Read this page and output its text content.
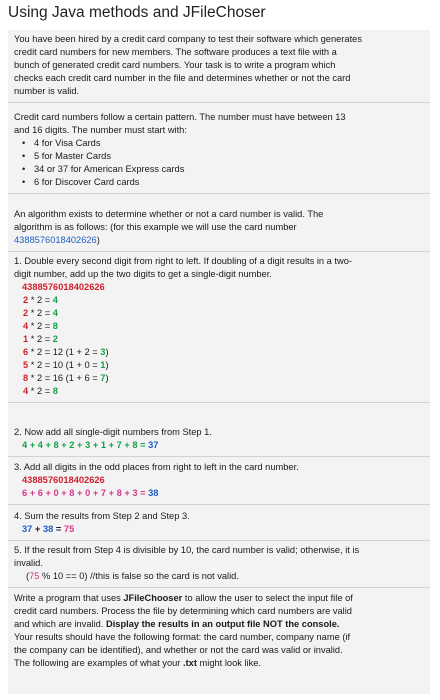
Using Java methods and JFileChoser
You have been hired by a credit card company to test their software which generates
credit card numbers for new members. The software produces a text file with a
bunch of generated credit card numbers. Your task is to write a program which
checks each credit card number in the file and determines whether or not the card
number is valid.
Credit card numbers follow a certain pattern. The number must have between 13
and 16 digits. The number must start with:
• 4 for Visa Cards
• 5 for Master Cards
• 34 or 37 for American Express cards
• 6 for Discover Card cards
An algorithm exists to determine whether or not a card number is valid. The
algorithm is as follows: (for this example we will use the card number
4388576018402626)
1. Double every second digit from right to left. If doubling of a digit results in a two-
digit number, add up the two digits to get a single-digit number.
4388576018402626
2 * 2 = 4
2 * 2 = 4
4 * 2 = 8
1 * 2 = 2
6 * 2 = 12 (1 + 2 = 3)
5 * 2 = 10 (1 + 0 = 1)
8 * 2 = 16 (1 + 6 = 7)
4 * 2 = 8
2. Now add all single-digit numbers from Step 1.
4 + 4 + 8 + 2 + 3 + 1 + 7 + 8 = 37
3. Add all digits in the odd places from right to left in the card number.
4388576018402626
6 + 6 + 0 + 8 + 0 + 7 + 8 + 3 = 38
4. Sum the results from Step 2 and Step 3.
37 + 38 = 75
5. If the result from Step 4 is divisible by 10, the card number is valid; otherwise, it is
invalid.
(75 % 10 == 0) //this is false so the card is not valid.
Write a program that uses JFileChooser to allow the user to select the input file of
credit card numbers. Process the file by determining which card numbers are valid
and which are invalid. Display the results in an output file NOT the console.
Your results should have the following format: the card number, company name (if
the company can be identified), and whether or not the card was valid or invalid.
The following are examples of what your .txt might look like.
